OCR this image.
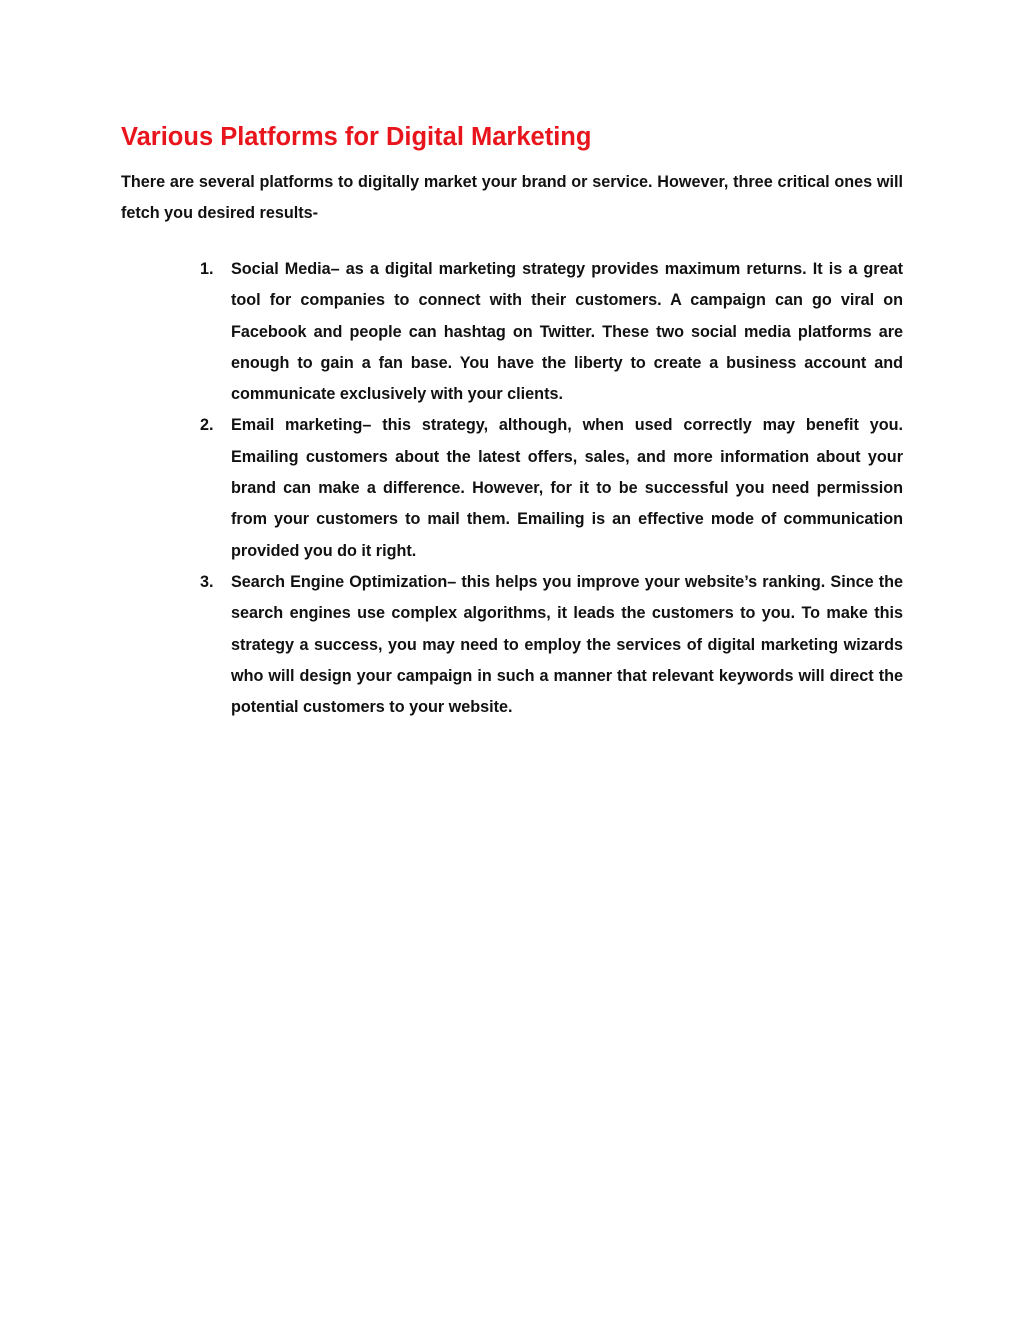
Various Platforms for Digital Marketing

There are several platforms to digitally market your brand or service. However, three critical ones will fetch you desired results-

1. Social Media– as a digital marketing strategy provides maximum returns. It is a great tool for companies to connect with their customers. A campaign can go viral on Facebook and people can hashtag on Twitter. These two social media platforms are enough to gain a fan base. You have the liberty to create a business account and communicate exclusively with your clients.
2. Email marketing– this strategy, although, when used correctly may benefit you. Emailing customers about the latest offers, sales, and more information about your brand can make a difference. However, for it to be successful you need permission from your customers to mail them. Emailing is an effective mode of communication provided you do it right.
3. Search Engine Optimization– this helps you improve your website’s ranking. Since the search engines use complex algorithms, it leads the customers to you. To make this strategy a success, you may need to employ the services of digital marketing wizards who will design your campaign in such a manner that relevant keywords will direct the potential customers to your website.
